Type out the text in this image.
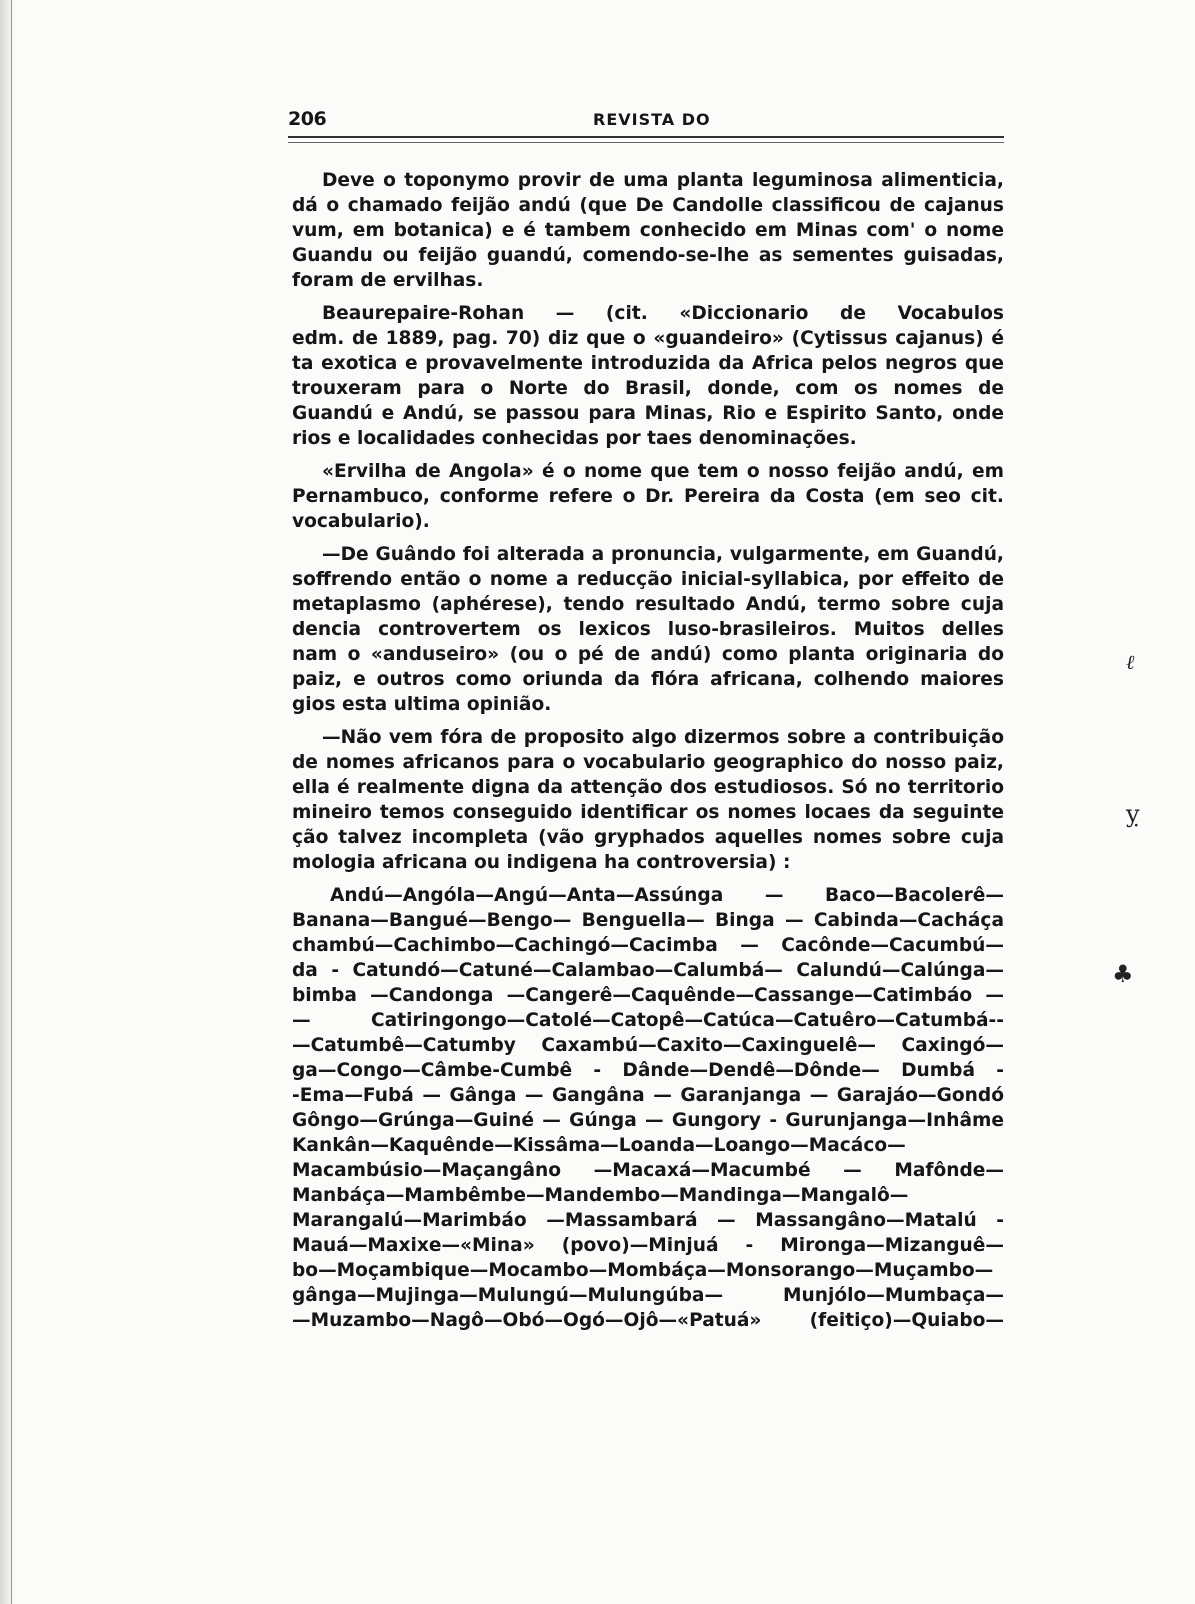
206	REVISTA DO
Deve o toponymo provir de uma planta leguminosa alimenticia,
dá o chamado feijão andú (que De Candolle classificou de cajanus
vum, em botanica) e é tambem conhecido em Minas com' o nome
Guandu ou feijão guandú, comendo-se-lhe as sementes guisadas,
foram de ervilhas.
Beaurepaire-Rohan — (cit. «Diccionario de Vocabulos
edm. de 1889, pag. 70) diz que o «guandeiro» (Cytissus cajanus) é
ta exotica e provavelmente introduzida da Africa pelos negros que
trouxeram para o Norte do Brasil, donde, com os nomes de
Guandú e Andú, se passou para Minas, Rio e Espirito Santo, onde
rios e localidades conhecidas por taes denominações.
«Ervilha de Angola» é o nome que tem o nosso feijão andú, em
Pernambuco, conforme refere o Dr. Pereira da Costa (em seo cit.
vocabulario).
—De Guândo foi alterada a pronuncia, vulgarmente, em Guandú,
soffrendo então o nome a reducção inicial-syllabica, por effeito de
metaplasmo (aphérese), tendo resultado Andú, termo sobre cuja
dencia controvertem os lexicos luso-brasileiros. Muitos delles
nam o «anduseiro» (ou o pé de andú) como planta originaria do
paiz, e outros como oriunda da flóra africana, colhendo maiores
gios esta ultima opinião.
—Não vem fóra de proposito algo dizermos sobre a contribuição
de nomes africanos para o vocabulario geographico do nosso paiz,
ella é realmente digna da attenção dos estudiosos. Só no territorio
mineiro temos conseguido identificar os nomes locaes da seguinte
ção talvez incompleta (vão gryphados aquelles nomes sobre cuja
mologia africana ou indigena ha controversia) :
Andú—Angóla—Angú—Anta—Assúnga — Baco—Bacolerê—
Banana—Bangué—Bengo— Benguella— Binga — Cabinda—Cacháça
chambú—Cachimbo—Cachingó—Cacimba — Cacônde—Cacumbú—
da - Catundó—Catuné—Calambao—Calumbá— Calundú—Calúnga—
bimba —Candonga —Cangerê—Caquênde—Cassange—Catimbáo —
— Catiringongo—Catolé—Catopê—Catúca—Catuêro—Catumbá--
—Catumbê—Catumby Caxambú—Caxito—Caxinguelê— Caxingó—
ga—Congo—Câmbe-Cumbê - Dânde—Dendê—Dônde— Dumbá -
-Ema—Fubá — Gânga — Gangâna — Garanjanga — Garajáo—Gondó
Gôngo—Grúnga—Guiné — Gúnga — Gungory - Gurunjanga—Inhâme
Kankân—Kaquênde—Kissâma—Loanda—Loango—Macáco—
Macambúsio—Maçangâno —Macaxá—Macumbé — Mafônde—
Manbáça—Mambêmbe—Mandembo—Mandinga—Mangalô—
Marangalú—Marimbáo —Massambará — Massangâno—Matalú -
Mauá—Maxixe—«Mina» (povo)—Minjuá - Mironga—Mizanguê—
bo—Moçambique—Mocambo—Mombáça—Monsorango—Muçambo—
gânga—Mujinga—Mulungú—Mulungúba— Munjólo—Mumbaça—
—Muzambo—Nagô—Obó—Ogó—Ojô—«Patuá» (feitiço)—Quiabo—
ℓ
ỵ
♣
